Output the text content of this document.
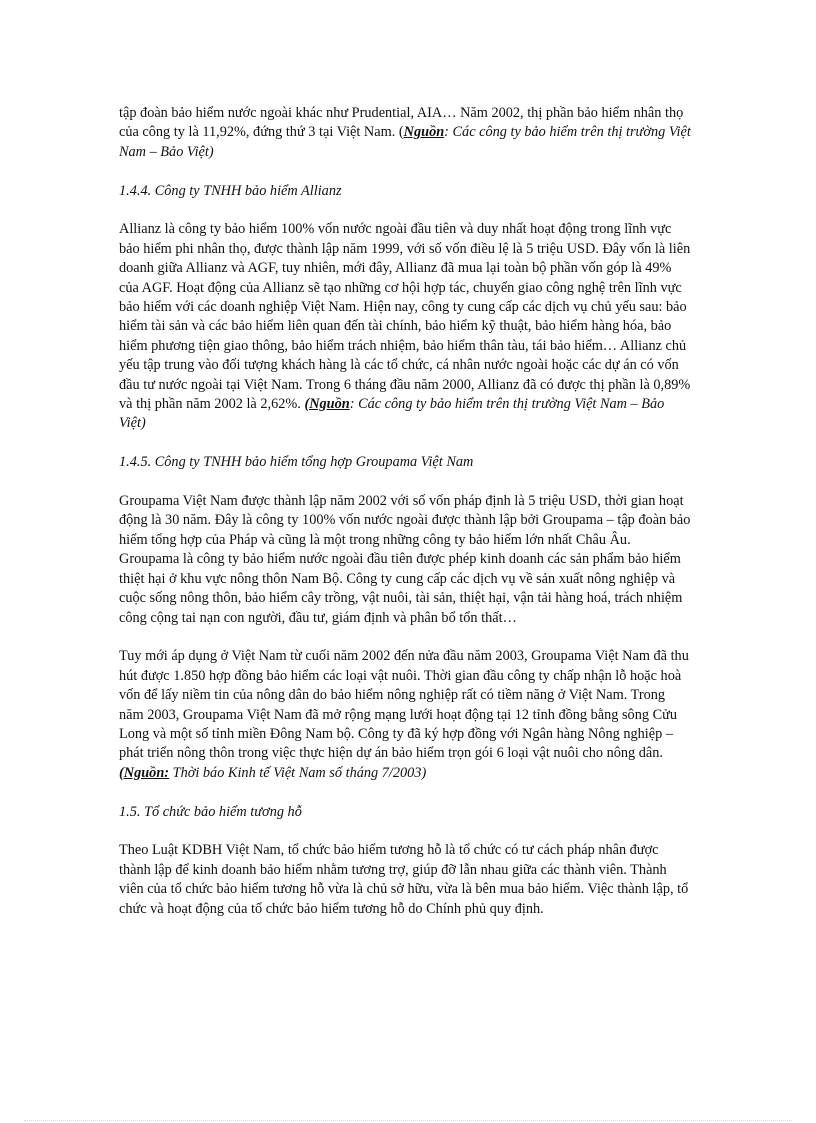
tập đoàn bảo hiểm nước ngoài khác như Prudential, AIA… Năm 2002, thị phần bảo hiểm nhân thọ của công ty là 11,92%, đứng thứ 3 tại Việt Nam. (Nguồn: Các công ty bảo hiểm trên thị trường Việt Nam – Bảo Việt)

1.4.4. Công ty TNHH bảo hiểm Allianz

Allianz là công ty bảo hiểm 100% vốn nước ngoài đầu tiên và duy nhất hoạt động trong lĩnh vực bảo hiểm phi nhân thọ, được thành lập năm 1999, với số vốn điều lệ là 5 triệu USD. Đây vốn là liên doanh giữa Allianz và AGF, tuy nhiên, mới đây, Allianz đã mua lại toàn bộ phần vốn góp là 49% của AGF. Hoạt động của Allianz sẽ tạo những cơ hội hợp tác, chuyển giao công nghệ trên lĩnh vực bảo hiểm với các doanh nghiệp Việt Nam. Hiện nay, công ty cung cấp các dịch vụ chủ yếu sau: bảo hiểm tài sản và các bảo hiểm liên quan đến tài chính, bảo hiểm kỹ thuật, bảo hiểm hàng hóa, bảo hiểm phương tiện giao thông, bảo hiểm trách nhiệm, bảo hiểm thân tàu, tái bảo hiểm… Allianz chủ yếu tập trung vào đối tượng khách hàng là các tổ chức, cá nhân nước ngoài hoặc các dự án có vốn đầu tư nước ngoài tại Việt Nam. Trong 6 tháng đầu năm 2000, Allianz đã có được thị phần là 0,89% và thị phần năm 2002 là 2,62%. (Nguồn: Các công ty bảo hiểm trên thị trường Việt Nam – Bảo Việt)

1.4.5. Công ty TNHH bảo hiểm tổng hợp Groupama Việt Nam

Groupama Việt Nam được thành lập năm 2002 với số vốn pháp định là 5 triệu USD, thời gian hoạt động là 30 năm. Đây là công ty 100% vốn nước ngoài được thành lập bởi Groupama – tập đoàn bảo hiểm tổng hợp của Pháp và cũng là một trong những công ty bảo hiểm lớn nhất Châu Âu. Groupama là công ty bảo hiểm nước ngoài đầu tiên được phép kinh doanh các sản phẩm bảo hiểm thiệt hại ở khu vực nông thôn Nam Bộ. Công ty cung cấp các dịch vụ về sản xuất nông nghiệp và cuộc sống nông thôn, bảo hiểm cây trồng, vật nuôi, tài sản, thiệt hại, vận tải hàng hoá, trách nhiệm công cộng tai nạn con người, đầu tư, giám định và phân bổ tổn thất…

Tuy mới áp dụng ở Việt Nam từ cuối năm 2002 đến nửa đầu năm 2003, Groupama Việt Nam đã thu hút được 1.850 hợp đồng bảo hiểm các loại vật nuôi. Thời gian đầu công ty chấp nhận lỗ hoặc hoà vốn để lấy niềm tin của nông dân do bảo hiểm nông nghiệp rất có tiềm năng ở Việt Nam. Trong năm 2003, Groupama Việt Nam đã mở rộng mạng lưới hoạt động tại 12 tỉnh đồng bằng sông Cửu Long và một số tỉnh miền Đông Nam bộ. Công ty đã ký hợp đồng với Ngân hàng Nông nghiệp – phát triển nông thôn trong việc thực hiện dự án bảo hiểm trọn gói 6 loại vật nuôi cho nông dân. (Nguồn: Thời báo Kinh tế Việt Nam số tháng 7/2003)

1.5. Tổ chức bảo hiểm tương hỗ

Theo Luật KDBH Việt Nam, tổ chức bảo hiểm tương hỗ là tổ chức có tư cách pháp nhân được thành lập để kinh doanh bảo hiểm nhằm tương trợ, giúp đỡ lẫn nhau giữa các thành viên. Thành viên của tổ chức bảo hiểm tương hỗ vừa là chủ sở hữu, vừa là bên mua bảo hiểm. Việc thành lập, tổ chức và hoạt động của tổ chức bảo hiểm tương hỗ do Chính phủ quy định.
